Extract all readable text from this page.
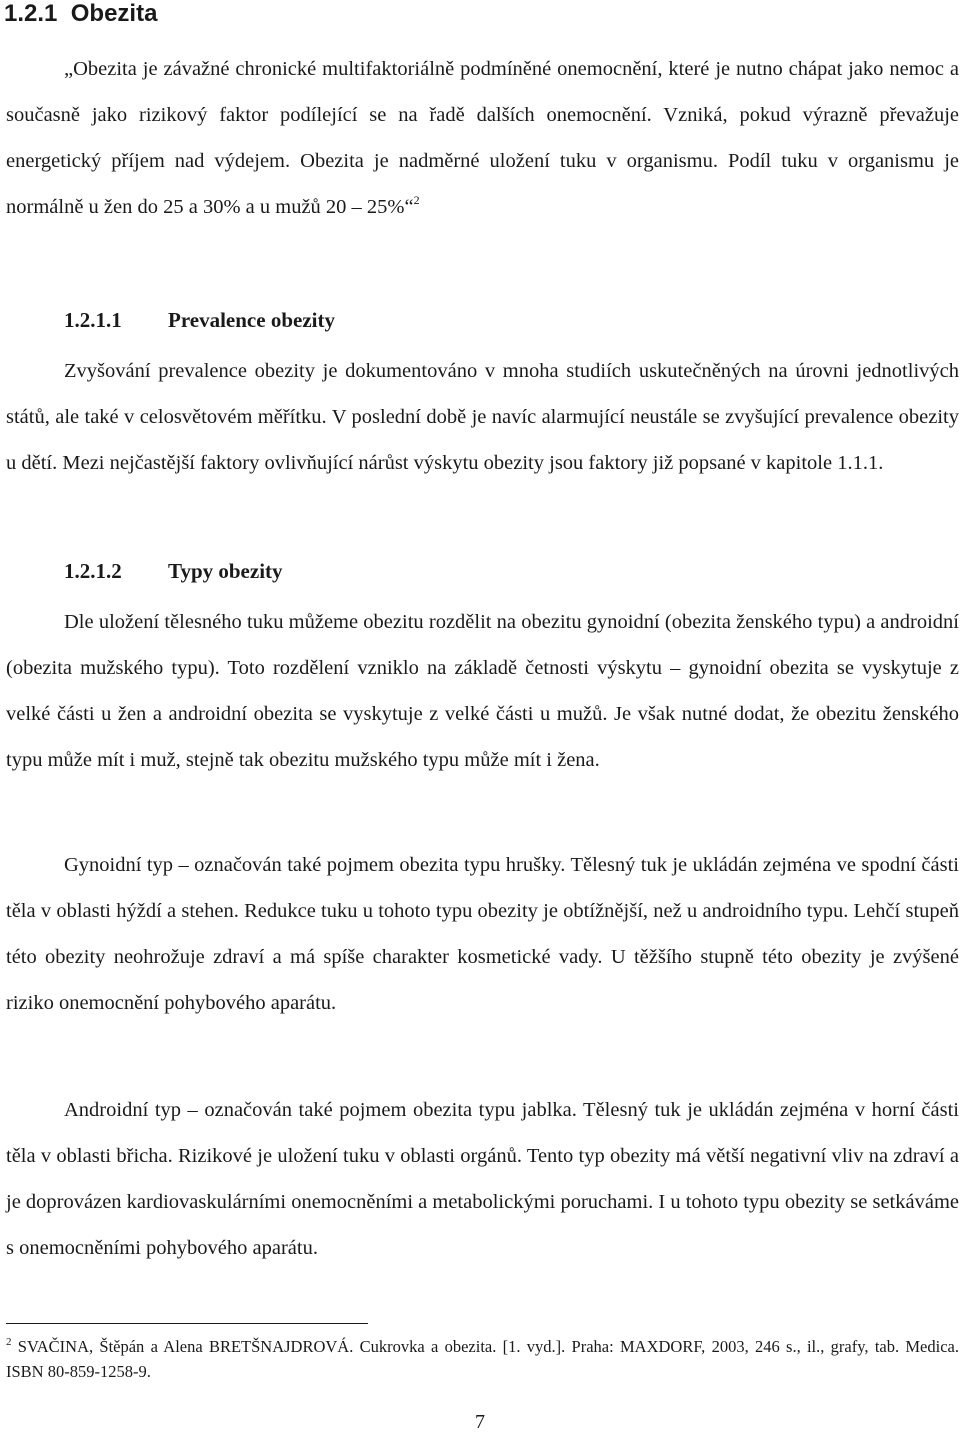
1.2.1 Obezita

„Obezita je závažné chronické multifaktoriálně podmíněné onemocnění, které je nutno chápat jako nemoc a současně jako rizikový faktor podílející se na řadě dalších onemocnění. Vzniká, pokud výrazně převažuje energetický příjem nad výdejem. Obezita je nadměrné uložení tuku v organismu. Podíl tuku v organismu je normálně u žen do 25 a 30% a u mužů 20 – 25%“$^2$

1.2.1.1 Prevalence obezity

Zvyšování prevalence obezity je dokumentováno v mnoha studiích uskutečněných na úrovni jednotlivých států, ale také v celosvětovém měřítku. V poslední době je navíc alarmující neustále se zvyšující prevalence obezity u dětí. Mezi nejčastější faktory ovlivňující nárůst výskytu obezity jsou faktory již popsané v kapitole 1.1.1.

1.2.1.2 Typy obezity

Dle uložení tělesného tuku můžeme obezitu rozdělit na obezitu gynoidní (obezita ženského typu) a androidní (obezita mužského typu). Toto rozdělení vzniklo na základě četnosti výskytu – gynoidní obezita se vyskytuje z velké části u žen a androidní obezita se vyskytuje z velké části u mužů. Je však nutné dodat, že obezitu ženského typu může mít i muž, stejně tak obezitu mužského typu může mít i žena.

Gynoidní typ – označován také pojmem obezita typu hrušky. Tělesný tuk je ukládán zejména ve spodní části těla v oblasti hýždí a stehen. Redukce tuku u tohoto typu obezity je obtížnější, než u androidního typu. Lehčí stupeň této obezity neohrožuje zdraví a má spíše charakter kosmetické vady. U těžšího stupně této obezity je zvýšené riziko onemocnění pohybového aparátu.

Androidní typ – označován také pojmem obezita typu jablka. Tělesný tuk je ukládán zejména v horní části těla v oblasti břicha. Rizikové je uložení tuku v oblasti orgánů. Tento typ obezity má větší negativní vliv na zdraví a je doprovázen kardiovaskulárními onemocněními a metabolickými poruchami. I u tohoto typu obezity se setkáváme s onemocněními pohybového aparátu.

$^2$ SVAČINA, Štěpán a Alena BRETŠNAJDROVÁ. Cukrovka a obezita. [1. vyd.]. Praha: MAXDORF, 2003, 246 s., il., grafy, tab. Medica. ISBN 80-859-1258-9.

7
